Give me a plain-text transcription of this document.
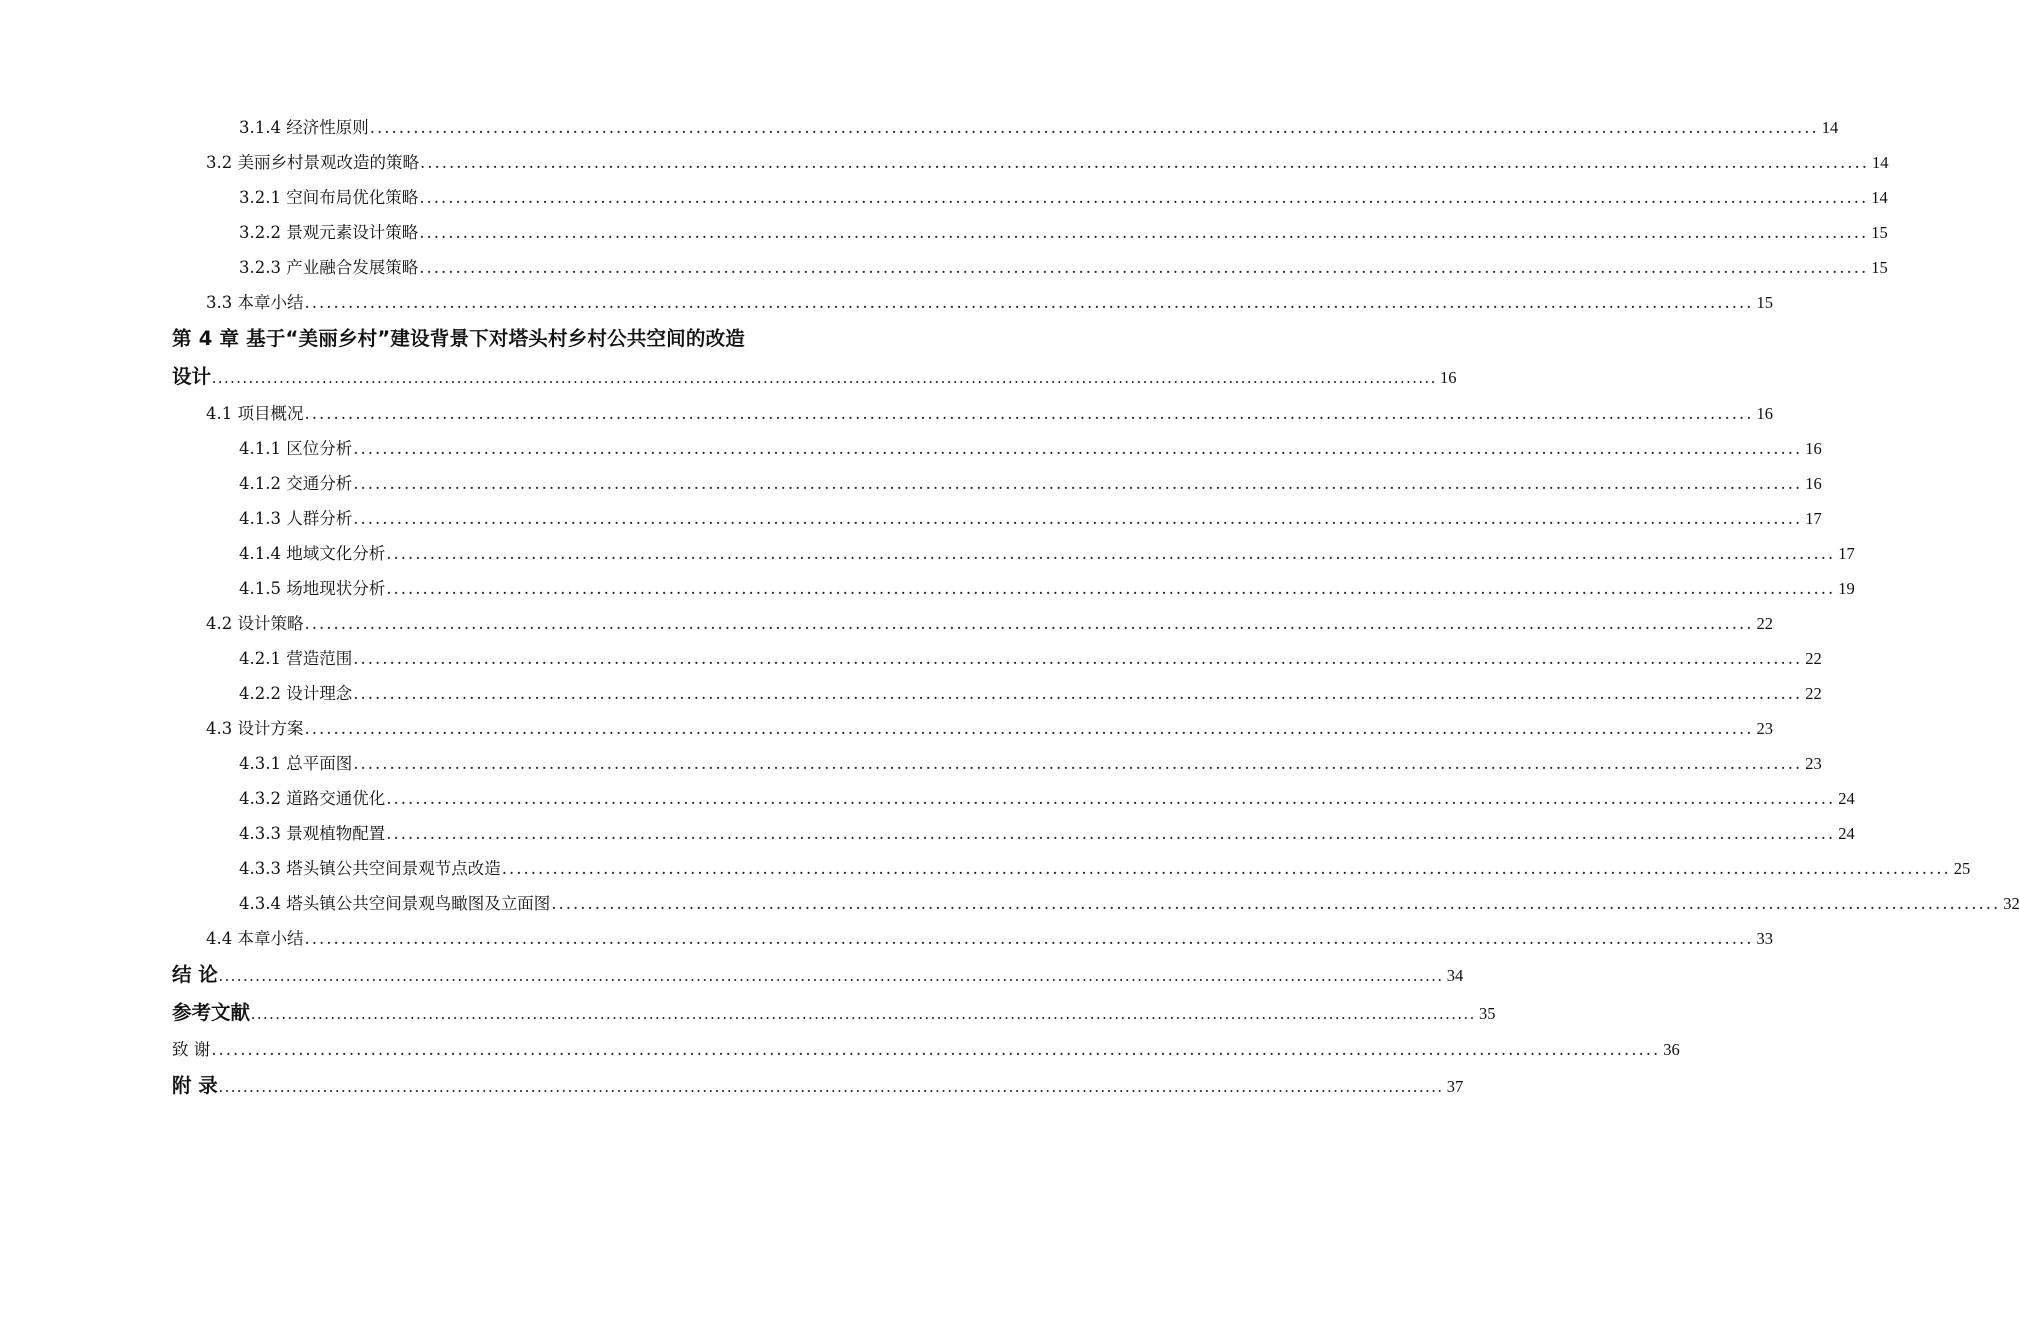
3.1.4 经济性原则 ........................................................................................................................................................................................................ 14
3.2 美丽乡村景观改造的策略 ........................................................................................................................................................................................................ 14
3.2.1 空间布局优化策略 ........................................................................................................................................................................................................ 14
3.2.2 景观元素设计策略 ........................................................................................................................................................................................................ 15
3.2.3 产业融合发展策略 ........................................................................................................................................................................................................ 15
3.3 本章小结 ........................................................................................................................................................................................................ 15
第 4 章 基于“美丽乡村”建设背景下对塔头村乡村公共空间的改造
设计 ........................................................................................................................................................................................................ 16
4.1 项目概况 ........................................................................................................................................................................................................ 16
4.1.1 区位分析 ........................................................................................................................................................................................................ 16
4.1.2 交通分析 ........................................................................................................................................................................................................ 16
4.1.3 人群分析 ........................................................................................................................................................................................................ 17
4.1.4 地域文化分析 ........................................................................................................................................................................................................ 17
4.1.5 场地现状分析 ........................................................................................................................................................................................................ 19
4.2 设计策略 ........................................................................................................................................................................................................ 22
4.2.1 营造范围 ........................................................................................................................................................................................................ 22
4.2.2 设计理念 ........................................................................................................................................................................................................ 22
4.3 设计方案 ........................................................................................................................................................................................................ 23
4.3.1 总平面图 ........................................................................................................................................................................................................ 23
4.3.2 道路交通优化 ........................................................................................................................................................................................................ 24
4.3.3 景观植物配置 ........................................................................................................................................................................................................ 24
4.3.3 塔头镇公共空间景观节点改造 ........................................................................................................................................................................................................ 25
4.3.4 塔头镇公共空间景观鸟瞰图及立面图 ........................................................................................................................................................................................................ 32
4.4 本章小结 ........................................................................................................................................................................................................ 33
结 论 ........................................................................................................................................................................................................ 34
参考文献 ........................................................................................................................................................................................................ 35
致 谢 ........................................................................................................................................................................................................ 36
附 录 ........................................................................................................................................................................................................ 37
